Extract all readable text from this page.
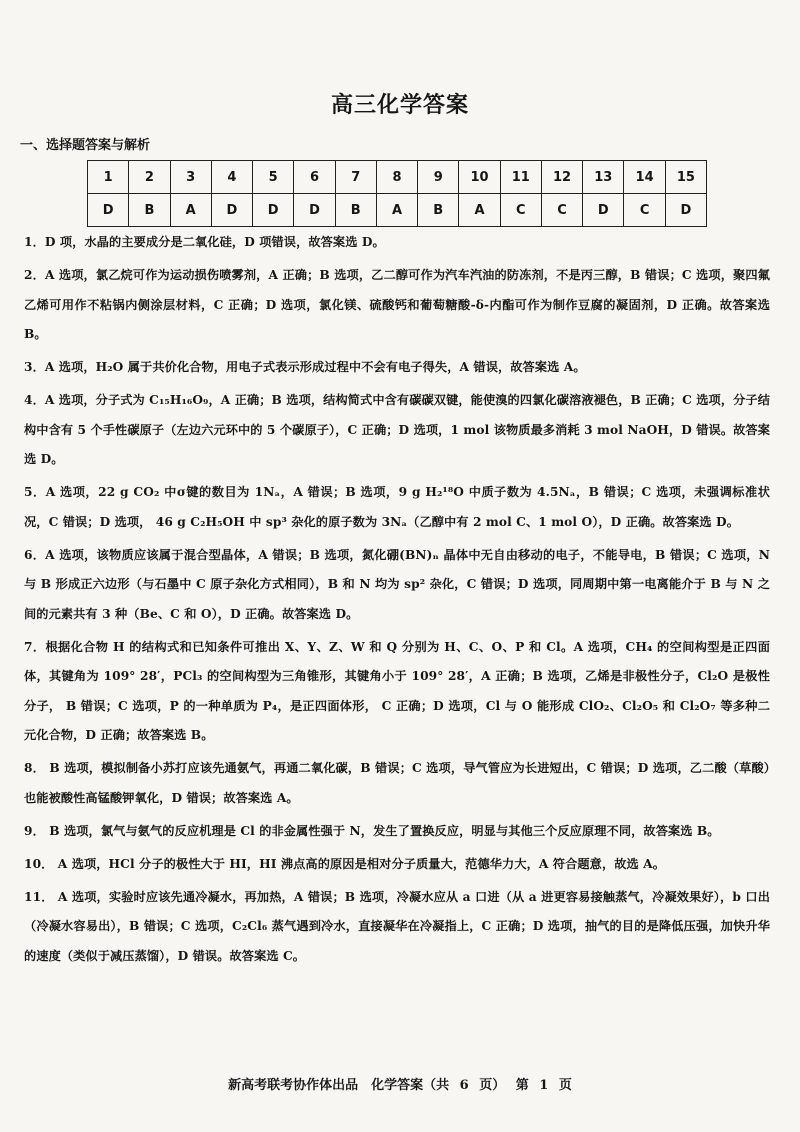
高三化学答案
一、选择题答案与解析
1	2	3	4	5	6	7	8	9	10	11	12	13	14	15
D	B	A	D	D	D	B	A	B	A	C	C	D	C	D

1．D 项，水晶的主要成分是二氧化硅，D 项错误，故答案选 D。

2．A 选项，氯乙烷可作为运动损伤喷雾剂，A 正确；B 选项，乙二醇可作为汽车汽油的防冻剂，不是丙三醇，B 错误；C 选项，聚四氟乙烯可用作不粘锅内侧涂层材料，C 正确；D 选项，氯化镁、硫酸钙和葡萄糖酸-δ-内酯可作为制作豆腐的凝固剂，D 正确。故答案选 B。

3．A 选项，H₂O 属于共价化合物，用电子式表示形成过程中不会有电子得失，A 错误，故答案选 A。

4．A 选项，分子式为 C₁₅H₁₆O₉，A 正确；B 选项，结构简式中含有碳碳双键，能使溴的四氯化碳溶液褪色，B 正确；C 选项，分子结构中含有 5 个手性碳原子（左边六元环中的 5 个碳原子），C 正确；D 选项，1 mol 该物质最多消耗 3 mol NaOH，D 错误。故答案选 D。

5．A 选项，22 g CO₂ 中σ键的数目为 1Nₐ，A 错误；B 选项，9 g H₂¹⁸O 中质子数为 4.5Nₐ，B 错误；C 选项，未强调标准状况，C 错误；D 选项， 46 g C₂H₅OH 中 sp³ 杂化的原子数为 3Nₐ（乙醇中有 2 mol C、1 mol O），D 正确。故答案选 D。

6．A 选项，该物质应该属于混合型晶体，A 错误；B 选项，氮化硼(BN)ₙ 晶体中无自由移动的电子，不能导电，B 错误；C 选项，N 与 B 形成正六边形（与石墨中 C 原子杂化方式相同），B 和 N 均为 sp² 杂化，C 错误；D 选项，同周期中第一电离能介于 B 与 N 之间的元素共有 3 种（Be、C 和 O），D 正确。故答案选 D。

7．根据化合物 H 的结构式和已知条件可推出 X、Y、Z、W 和 Q 分别为 H、C、O、P 和 Cl。A 选项，CH₄ 的空间构型是正四面体，其键角为 109° 28′，PCl₃ 的空间构型为三角锥形，其键角小于 109° 28′，A 正确；B 选项，乙烯是非极性分子，Cl₂O 是极性分子， B 错误；C 选项，P 的一种单质为 P₄，是正四面体形， C 正确；D 选项，Cl 与 O 能形成 ClO₂、Cl₂O₅ 和 Cl₂O₇ 等多种二元化合物，D 正确；故答案选 B。

8． B 选项，模拟制备小苏打应该先通氨气，再通二氧化碳，B 错误；C 选项，导气管应为长进短出，C 错误；D 选项，乙二酸（草酸）也能被酸性高锰酸钾氧化，D 错误；故答案选 A。

9． B 选项，氯气与氨气的反应机理是 Cl 的非金属性强于 N，发生了置换反应，明显与其他三个反应原理不同，故答案选 B。

10． A 选项，HCl 分子的极性大于 HI，HI 沸点高的原因是相对分子质量大，范德华力大，A 符合题意，故选 A。

11． A 选项，实验时应该先通冷凝水，再加热，A 错误；B 选项，冷凝水应从 a 口进（从 a 进更容易接触蒸气，冷凝效果好），b 口出（冷凝水容易出），B 错误；C 选项，C₂Cl₆ 蒸气遇到冷水，直接凝华在冷凝指上，C 正确；D 选项，抽气的目的是降低压强，加快升华的速度（类似于减压蒸馏），D 错误。故答案选 C。

新高考联考协作体出品　化学答案（共 6 页） 第 1 页
